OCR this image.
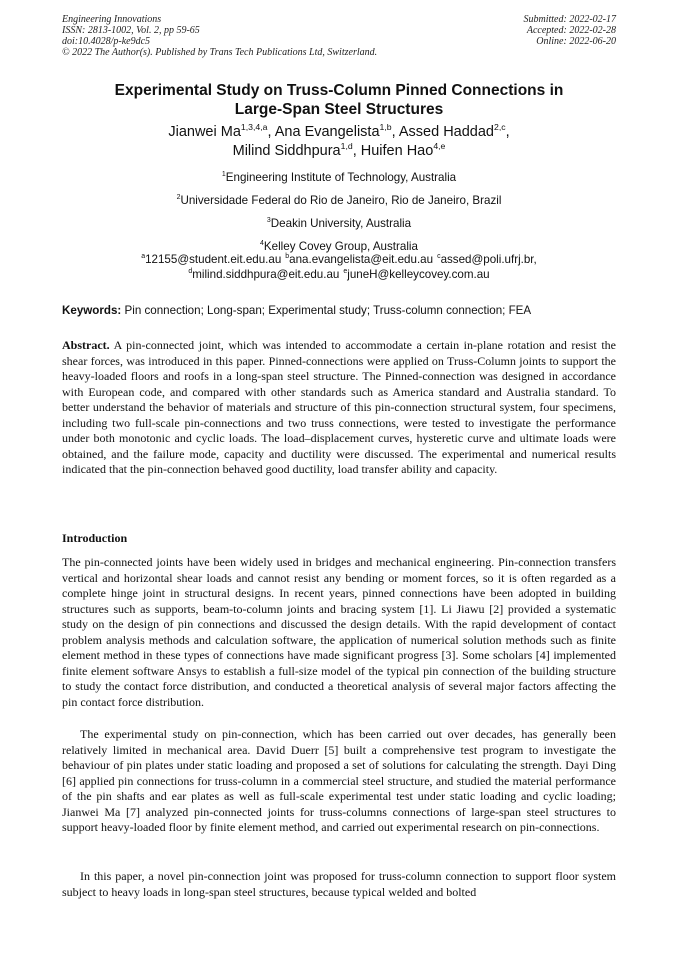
Engineering Innovations
ISSN: 2813-1002, Vol. 2, pp 59-65
doi:10.4028/p-ke9dc5
© 2022 The Author(s). Published by Trans Tech Publications Ltd, Switzerland.
Submitted: 2022-02-17
Accepted: 2022-02-28
Online: 2022-06-20
Experimental Study on Truss-Column Pinned Connections in
Large-Span Steel Structures
Jianwei Ma$^{1,3,4,a}$, Ana Evangelista$^{1,b}$, Assed Haddad$^{2,c}$,
Milind Siddhpura$^{1,d}$, Huifen Hao$^{4,e}$
$^1$Engineering Institute of Technology, Australia
$^2$Universidade Federal do Rio de Janeiro, Rio de Janeiro, Brazil
$^3$Deakin University, Australia
$^4$Kelley Covey Group, Australia
$^a$12155@student.eit.edu.au $^b$ana.evangelista@eit.edu.au $^c$assed@poli.ufrj.br,
$^d$milind.siddhpura@eit.edu.au $^e$juneH@kelleycovey.com.au
Keywords: Pin connection; Long-span; Experimental study; Truss-column connection; FEA
Abstract. A pin-connected joint, which was intended to accommodate a certain in-plane rotation and resist the shear forces, was introduced in this paper. Pinned-connections were applied on Truss-Column joints to support the heavy-loaded floors and roofs in a long-span steel structure. The Pinned-connection was designed in accordance with European code, and compared with other standards such as America standard and Australia standard. To better understand the behavior of materials and structure of this pin-connection structural system, four specimens, including two full-scale pin-connections and two truss connections, were tested to investigate the performance under both monotonic and cyclic loads. The load–displacement curves, hysteretic curve and ultimate loads were obtained, and the failure mode, capacity and ductility were discussed. The experimental and numerical results indicated that the pin-connection behaved good ductility, load transfer ability and capacity.
Introduction
The pin-connected joints have been widely used in bridges and mechanical engineering. Pin-connection transfers vertical and horizontal shear loads and cannot resist any bending or moment forces, so it is often regarded as a complete hinge joint in structural designs. In recent years, pinned connections have been adopted in building structures such as supports, beam-to-column joints and bracing system [1]. Li Jiawu [2] provided a systematic study on the design of pin connections and discussed the design details. With the rapid development of contact problem analysis methods and calculation software, the application of numerical solution methods such as finite element method in these types of connections have made significant progress [3]. Some scholars [4] implemented finite element software Ansys to establish a full-size model of the typical pin connection of the building structure to study the contact force distribution, and conducted a theoretical analysis of several major factors affecting the pin contact force distribution.
The experimental study on pin-connection, which has been carried out over decades, has generally been relatively limited in mechanical area. David Duerr [5] built a comprehensive test program to investigate the behaviour of pin plates under static loading and proposed a set of solutions for calculating the strength. Dayi Ding [6] applied pin connections for truss-column in a commercial steel structure, and studied the material performance of the pin shafts and ear plates as well as full-scale experimental test under static loading and cyclic loading; Jianwei Ma [7] analyzed pin-connected joints for truss-columns connections of large-span steel structures to support heavy-loaded floor by finite element method, and carried out experimental research on pin-connections.
In this paper, a novel pin-connection joint was proposed for truss-column connection to support floor system subject to heavy loads in long-span steel structures, because typical welded and bolted
